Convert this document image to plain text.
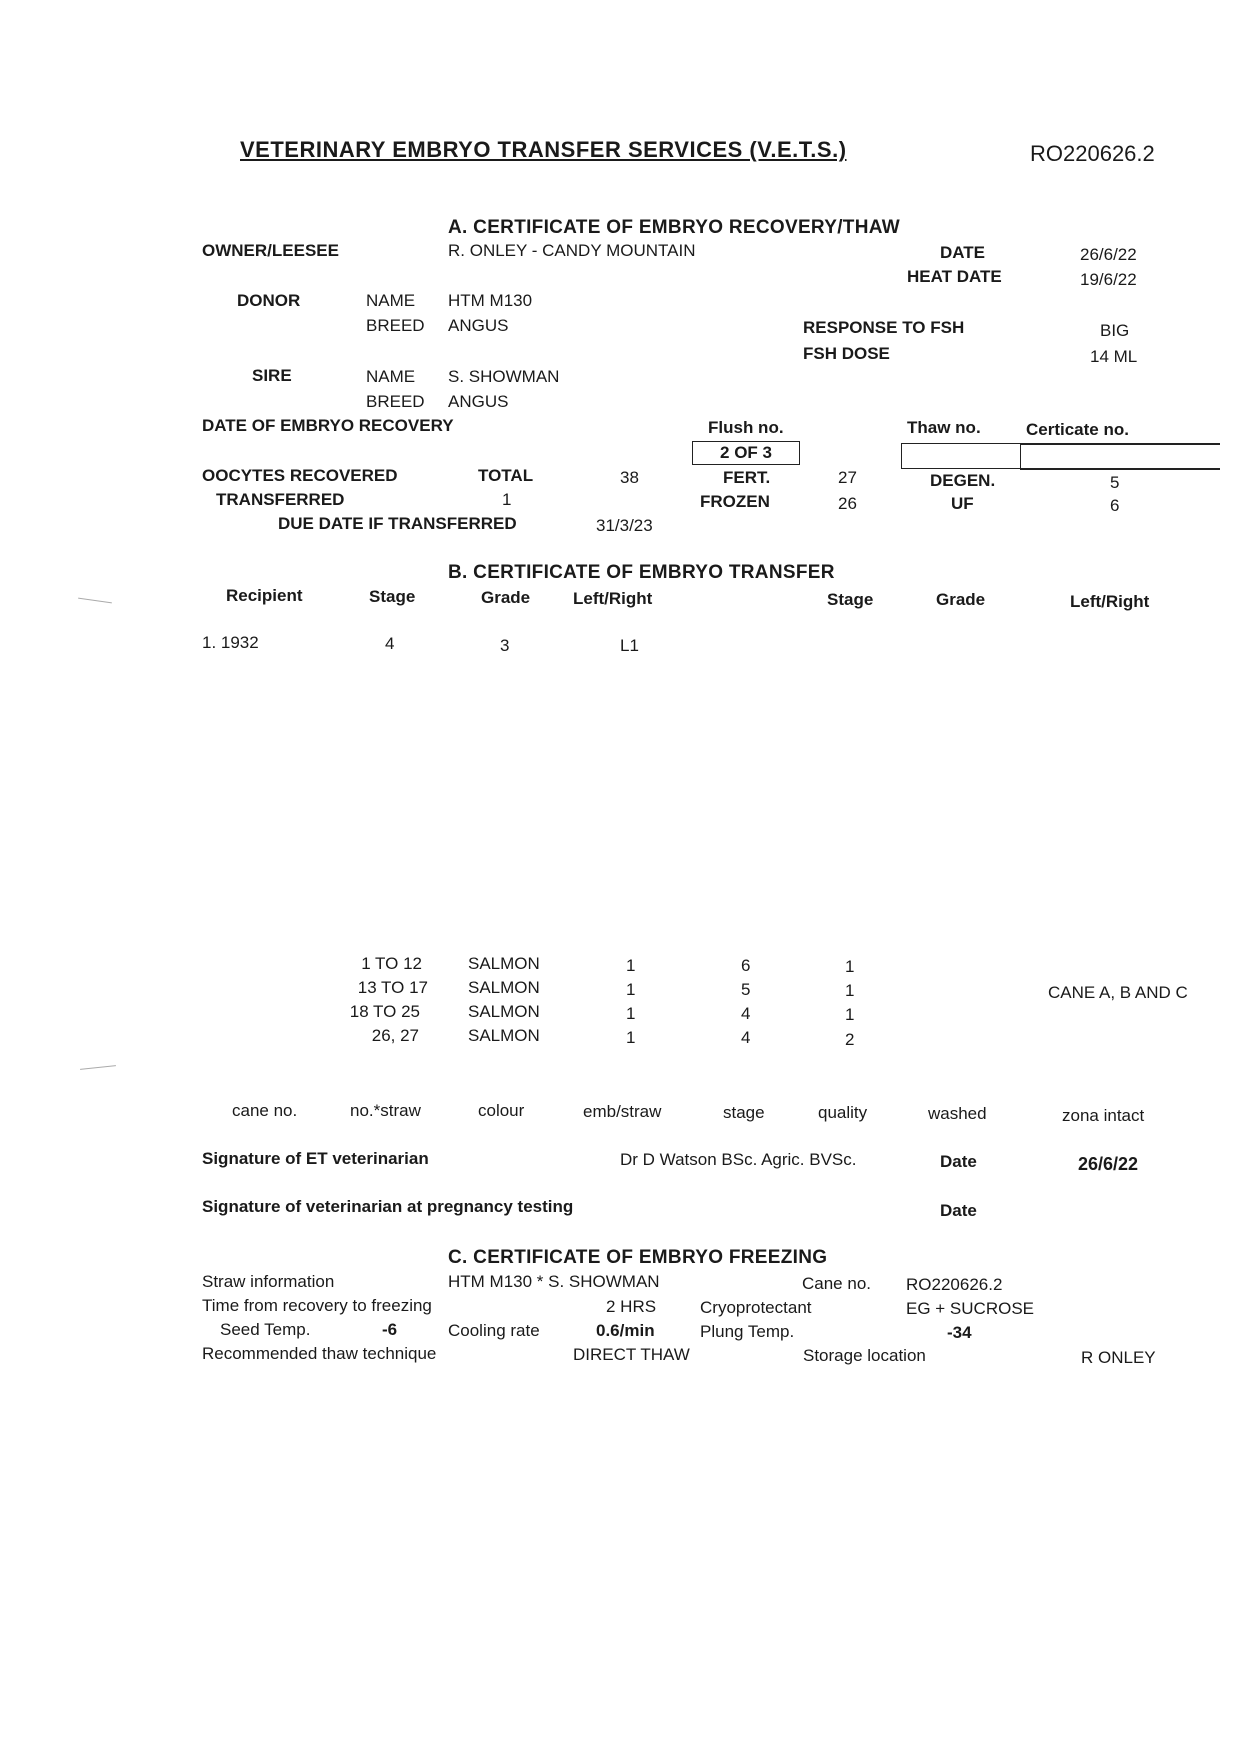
VETERINARY EMBRYO TRANSFER SERVICES (V.E.T.S.)	RO220626.2
A. CERTIFICATE OF EMBRYO RECOVERY/THAW
OWNER/LEESEE	R. ONLEY - CANDY MOUNTAIN	DATE	26/6/22
HEAT DATE	19/6/22
DONOR	NAME HTM M130
BREED ANGUS	RESPONSE TO FSH	BIG
FSH DOSE	14 ML
SIRE	NAME S. SHOWMAN
BREED ANGUS
DATE OF EMBRYO RECOVERY	Flush no.	Thaw no.	Certicate no.
2 OF 3
OOCYTES RECOVERED	TOTAL	38	FERT.	27	DEGEN.	5
TRANSFERRED	1	FROZEN	26	UF	6
DUE DATE IF TRANSFERRED	31/3/23
B. CERTIFICATE OF EMBRYO TRANSFER
Recipient	Stage	Grade	Left/Right	Stage	Grade	Left/Right
1. 1932	4	3	L1
1 TO 12	SALMON	1	6	1
13 TO 17 SALMON	1	5	1
18 TO 25	SALMON	1	4	1
26, 27	SALMON	1	4	2
CANE A, B AND C
cane no.	no.*straw	colour	emb/straw	stage	quality	washed	zona intact
Signature of ET veterinarian	Dr D Watson BSc. Agric. BVSc.	Date	26/6/22
Signature of veterinarian at pregnancy testing	Date
C. CERTIFICATE OF EMBRYO FREEZING
Straw information	HTM M130 * S. SHOWMAN	Cane no. RO220626.2
Time from recovery to freezing	2 HRS	Cryoprotectant	EG + SUCROSE
Seed Temp.	-6	Cooling rate	0.6/min	Plung Temp.	-34
Recommended thaw technique	DIRECT THAW	Storage location	R ONLEY
